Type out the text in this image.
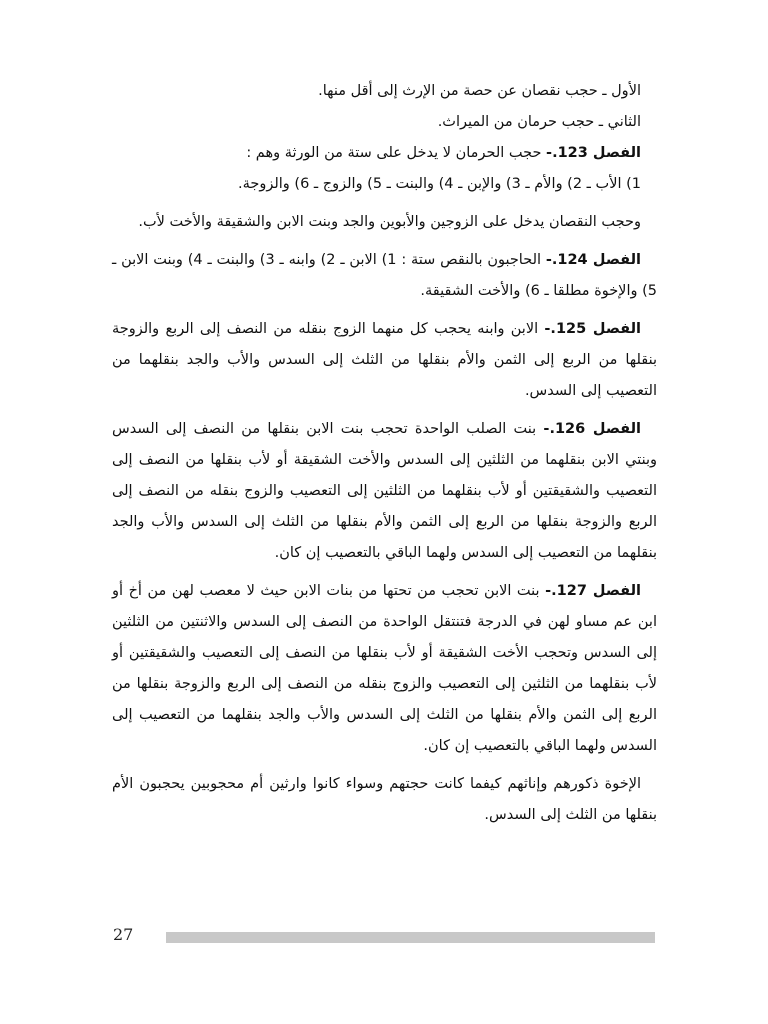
الأول ـ حجب نقصان عن حصة من الإرث إلى أقل منها.

الثاني ـ حجب حرمان من الميراث.

الفصل 123.- حجب الحرمان لا يدخل على ستة من الورثة وهم :

1) الأب ـ 2) والأم ـ 3) والإبن ـ 4) والبنت ـ 5) والزوج ـ 6) والزوجة.

وحجب النقصان يدخل على الزوجين والأبوين والجد وبنت الابن والشقيقة والأخت لأب.

الفصل 124.- الحاجبون بالنقص ستة : 1) الابن ـ 2) وابنه ـ 3) والبنت ـ 4) وبنت الابن ـ 5) والإخوة مطلقا ـ 6) والأخت الشقيقة.

الفصل 125.- الابن وابنه يحجب كل منهما الزوج بنقله من النصف إلى الربع والزوجة بنقلها من الربع إلى الثمن والأم بنقلها من الثلث إلى السدس والأب والجد بنقلهما من التعصيب إلى السدس.

الفصل 126.- بنت الصلب الواحدة تحجب بنت الابن بنقلها من النصف إلى السدس وبنتي الابن بنقلهما من الثلثين إلى السدس والأخت الشقيقة أو لأب بنقلها من النصف إلى التعصيب والشقيقتين أو لأب بنقلهما من الثلثين إلى التعصيب والزوج بنقله من النصف إلى الربع والزوجة بنقلها من الربع إلى الثمن والأم بنقلها من الثلث إلى السدس والأب والجد بنقلهما من التعصيب إلى السدس ولهما الباقي بالتعصيب إن كان.

الفصل 127.- بنت الابن تحجب من تحتها من بنات الابن حيث لا معصب لهن من أخ أو ابن عم مساو لهن في الدرجة فتنتقل الواحدة من النصف إلى السدس والاثنتين من الثلثين إلى السدس وتحجب الأخت الشقيقة أو لأب بنقلها من النصف إلى التعصيب والشقيقتين أو لأب بنقلهما من الثلثين إلى التعصيب والزوج بنقله من النصف إلى الربع والزوجة بنقلها من الربع إلى الثمن والأم بنقلها من الثلث إلى السدس والأب والجد بنقلهما من التعصيب إلى السدس ولهما الباقي بالتعصيب إن كان.

الإخوة ذكورهم وإناثهم كيفما كانت حجتهم وسواء كانوا وارثين أم محجوبين يحجبون الأم بنقلها من الثلث إلى السدس.

27
